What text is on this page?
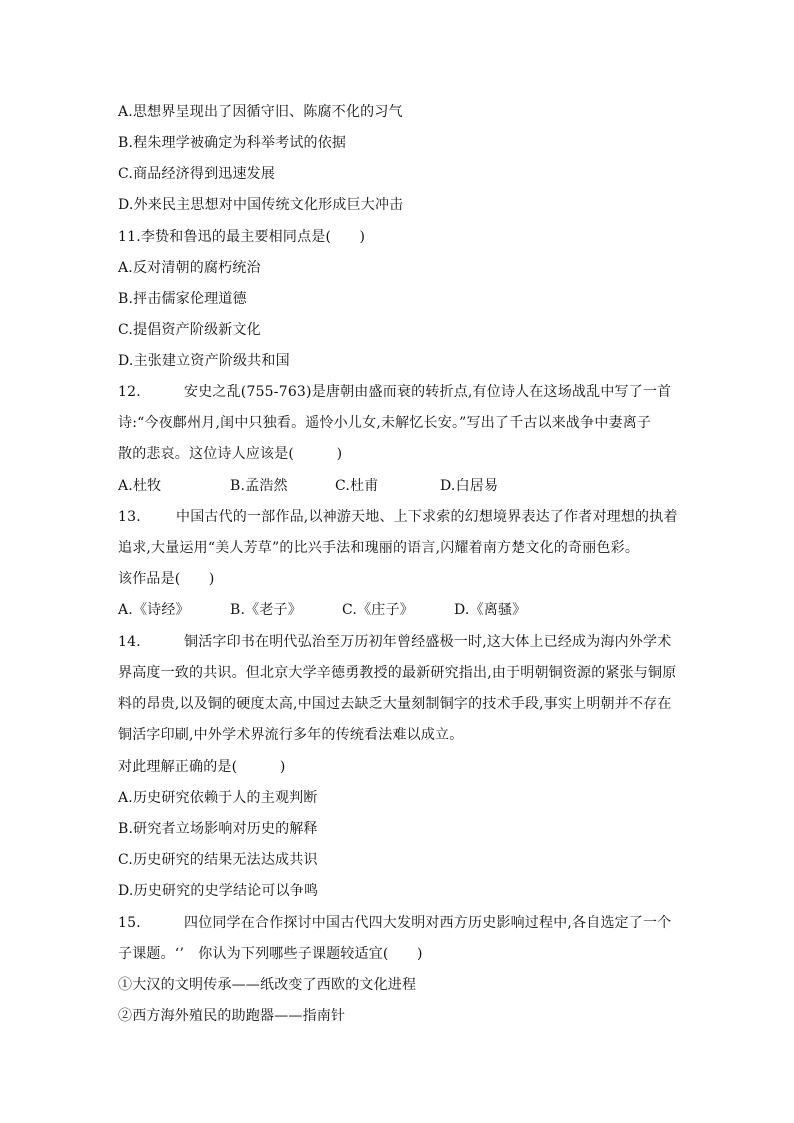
A.思想界呈现出了因循守旧、陈腐不化的习气
B.程朱理学被确定为科举考试的依据
C.商品经济得到迅速发展
D.外来民主思想对中国传统文化形成巨大冲击
11.李贽和鲁迅的最主要相同点是(　　)
A.反对清朝的腐朽统治
B.抨击儒家伦理道德
C.提倡资产阶级新文化
D.主张建立资产阶级共和国
12.	安史之乱(755-763)是唐朝由盛而衰的转折点,有位诗人在这场战乱中写了一首
诗:“今夜鄜州月,闺中只独看。遥怜小儿女,未解忆长安。”写出了千古以来战争中妻离子
散的悲哀。这位诗人应该是(　　　)
A.杜牧	B.孟浩然	C.杜甫	D.白居易
13.	中国古代的一部作品,以神游天地、上下求索的幻想境界表达了作者对理想的执着
追求,大量运用“美人芳草”的比兴手法和瑰丽的语言,闪耀着南方楚文化的奇丽色彩。
该作品是(　　)
A.《诗经》	B.《老子》	C.《庄子》	D.《离骚》
14.	铜活字印书在明代弘治至万历初年曾经盛极一时,这大体上已经成为海内外学术
界高度一致的共识。但北京大学辛德勇教授的最新研究指出,由于明朝铜资源的紧张与铜原
料的昂贵,以及铜的硬度太高,中国过去缺乏大量刻制铜字的技术手段,事实上明朝并不存在
铜活字印刷,中外学术界流行多年的传统看法难以成立。
对此理解正确的是(　　　)
A.历史研究依赖于人的主观判断
B.研究者立场影响对历史的解释
C.历史研究的结果无法达成共识
D.历史研究的史学结论可以争鸣
15.	四位同学在合作探讨中国古代四大发明对西方历史影响过程中,各自选定了一个
子课题。‘’　你认为下列哪些子课题较适宜(　　)
①大汉的文明传承——纸改变了西欧的文化进程
②西方海外殖民的助跑器——指南针
